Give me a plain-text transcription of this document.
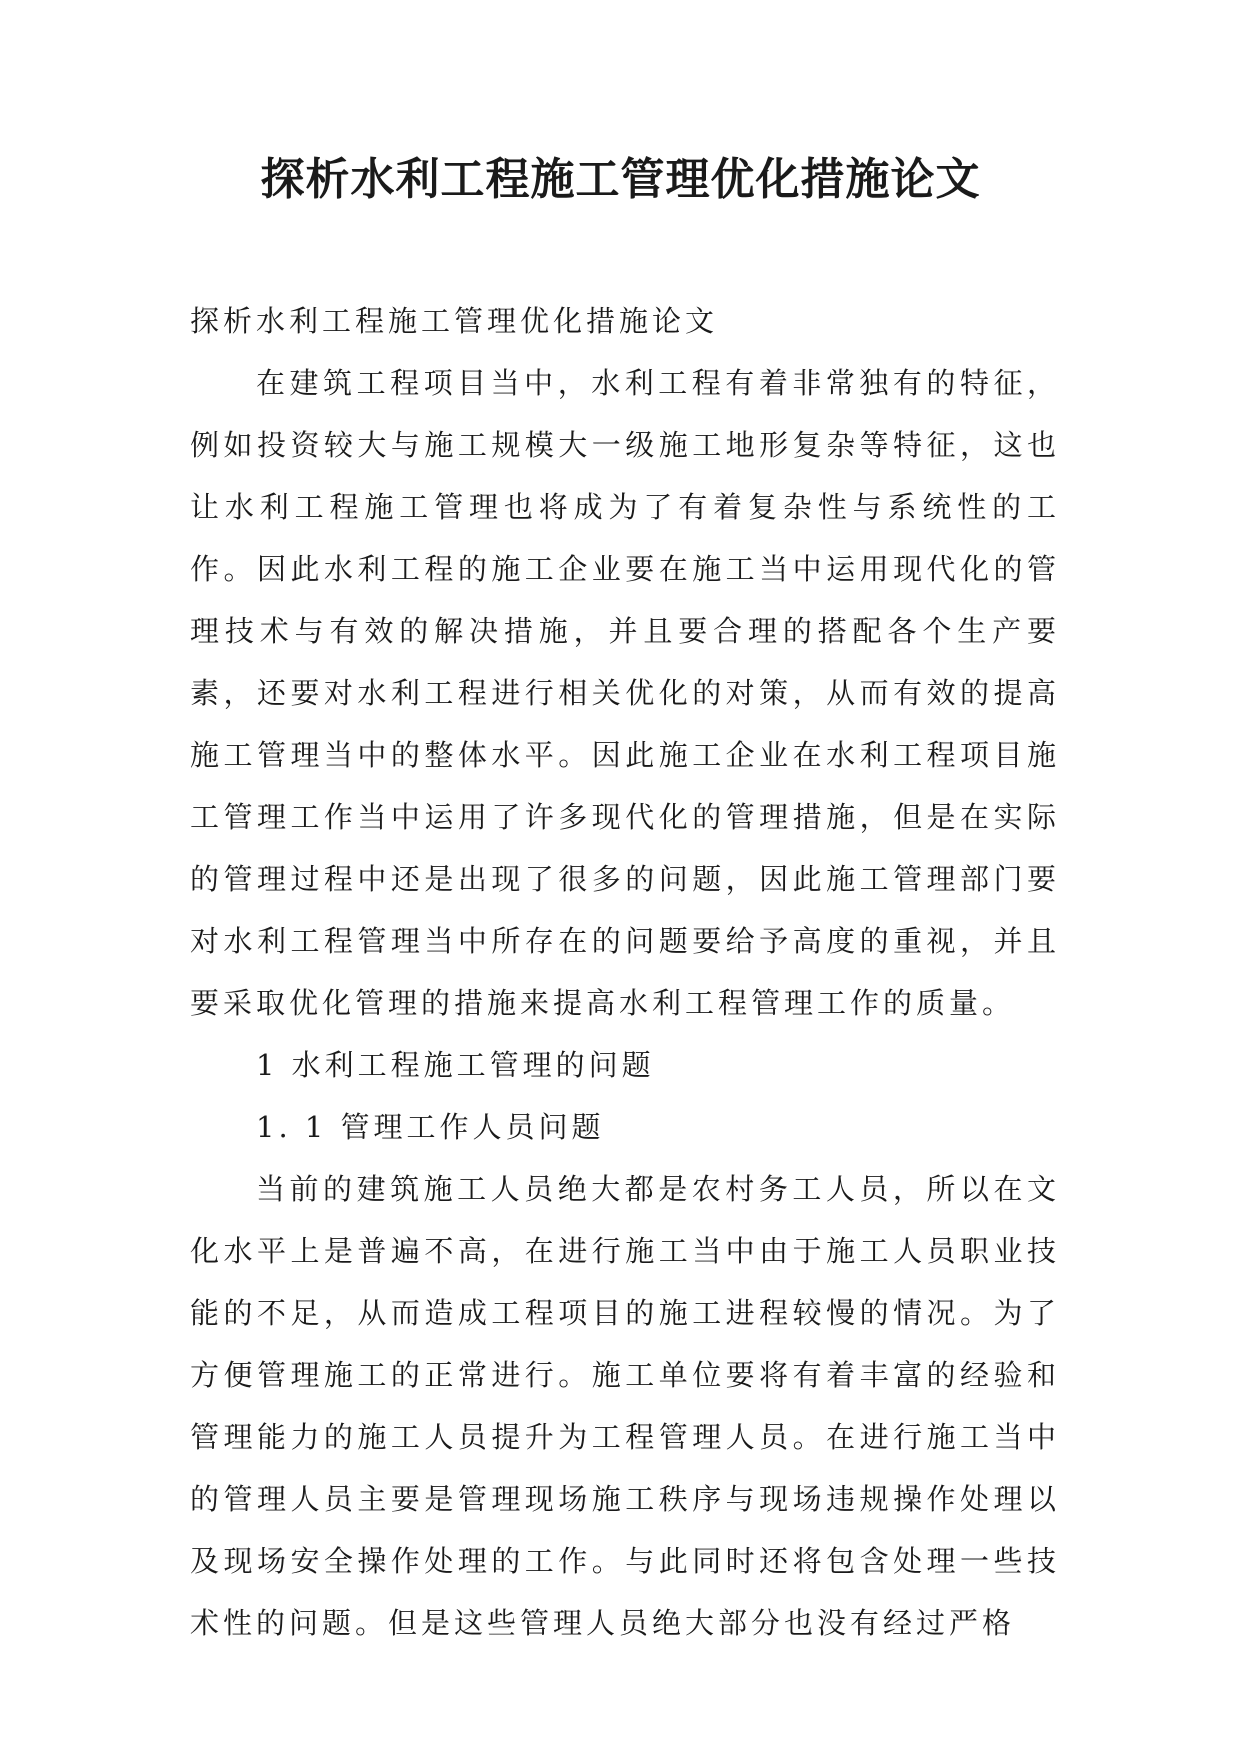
探析水利工程施工管理优化措施论文

探析水利工程施工管理优化措施论文

在建筑工程项目当中，水利工程有着非常独有的特征，例如投资较大与施工规模大一级施工地形复杂等特征，这也让水利工程施工管理也将成为了有着复杂性与系统性的工作。因此水利工程的施工企业要在施工当中运用现代化的管理技术与有效的解决措施，并且要合理的搭配各个生产要素，还要对水利工程进行相关优化的对策，从而有效的提高施工管理当中的整体水平。因此施工企业在水利工程项目施工管理工作当中运用了许多现代化的管理措施，但是在实际的管理过程中还是出现了很多的问题，因此施工管理部门要对水利工程管理当中所存在的问题要给予高度的重视，并且要采取优化管理的措施来提高水利工程管理工作的质量。

1 水利工程施工管理的问题

1. 1 管理工作人员问题

当前的建筑施工人员绝大都是农村务工人员，所以在文化水平上是普遍不高，在进行施工当中由于施工人员职业技能的不足，从而造成工程项目的施工进程较慢的情况。为了方便管理施工的正常进行。施工单位要将有着丰富的经验和管理能力的施工人员提升为工程管理人员。在进行施工当中的管理人员主要是管理现场施工秩序与现场违规操作处理以及现场安全操作处理的工作。与此同时还将包含处理一些技术性的问题。但是这些管理人员绝大部分也没有经过严格
